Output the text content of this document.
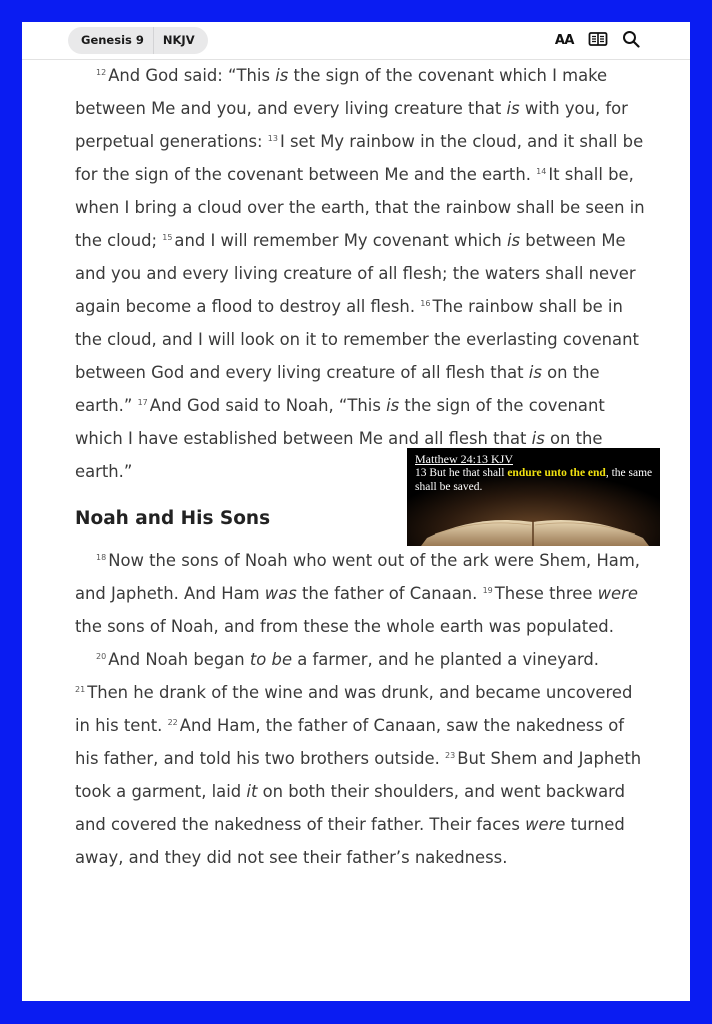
Genesis 9	NKJV	AA

$^{12}$ And God said: “This is the sign of the covenant which I make between Me and you, and every living creature that is with you, for perpetual generations: $^{13}$ I set My rainbow in the cloud, and it shall be for the sign of the covenant between Me and the earth. $^{14}$ It shall be, when I bring a cloud over the earth, that the rainbow shall be seen in the cloud; $^{15}$ and I will remember My covenant which is between Me and you and every living creature of all flesh; the waters shall never again become a flood to destroy all flesh. $^{16}$ The rainbow shall be in the cloud, and I will look on it to remember the everlasting covenant between God and every living creature of all flesh that is on the earth.” $^{17}$ And God said to Noah, “This is the sign of the covenant which I have established between Me and all flesh that is on the earth.”

Noah and His Sons

$^{18}$ Now the sons of Noah who went out of the ark were Shem, Ham, and Japheth. And Ham was the father of Canaan. $^{19}$ These three were the sons of Noah, and from these the whole earth was populated.

$^{20}$ And Noah began to be a farmer, and he planted a vineyard. $^{21}$ Then he drank of the wine and was drunk, and became uncovered in his tent. $^{22}$ And Ham, the father of Canaan, saw the nakedness of his father, and told his two brothers outside. $^{23}$ But Shem and Japheth took a garment, laid it on both their shoulders, and went backward and covered the nakedness of their father. Their faces were turned away, and they did not see their father’s nakedness.

Matthew 24:13 KJV
13 But he that shall endure unto the end, the same shall be saved.
